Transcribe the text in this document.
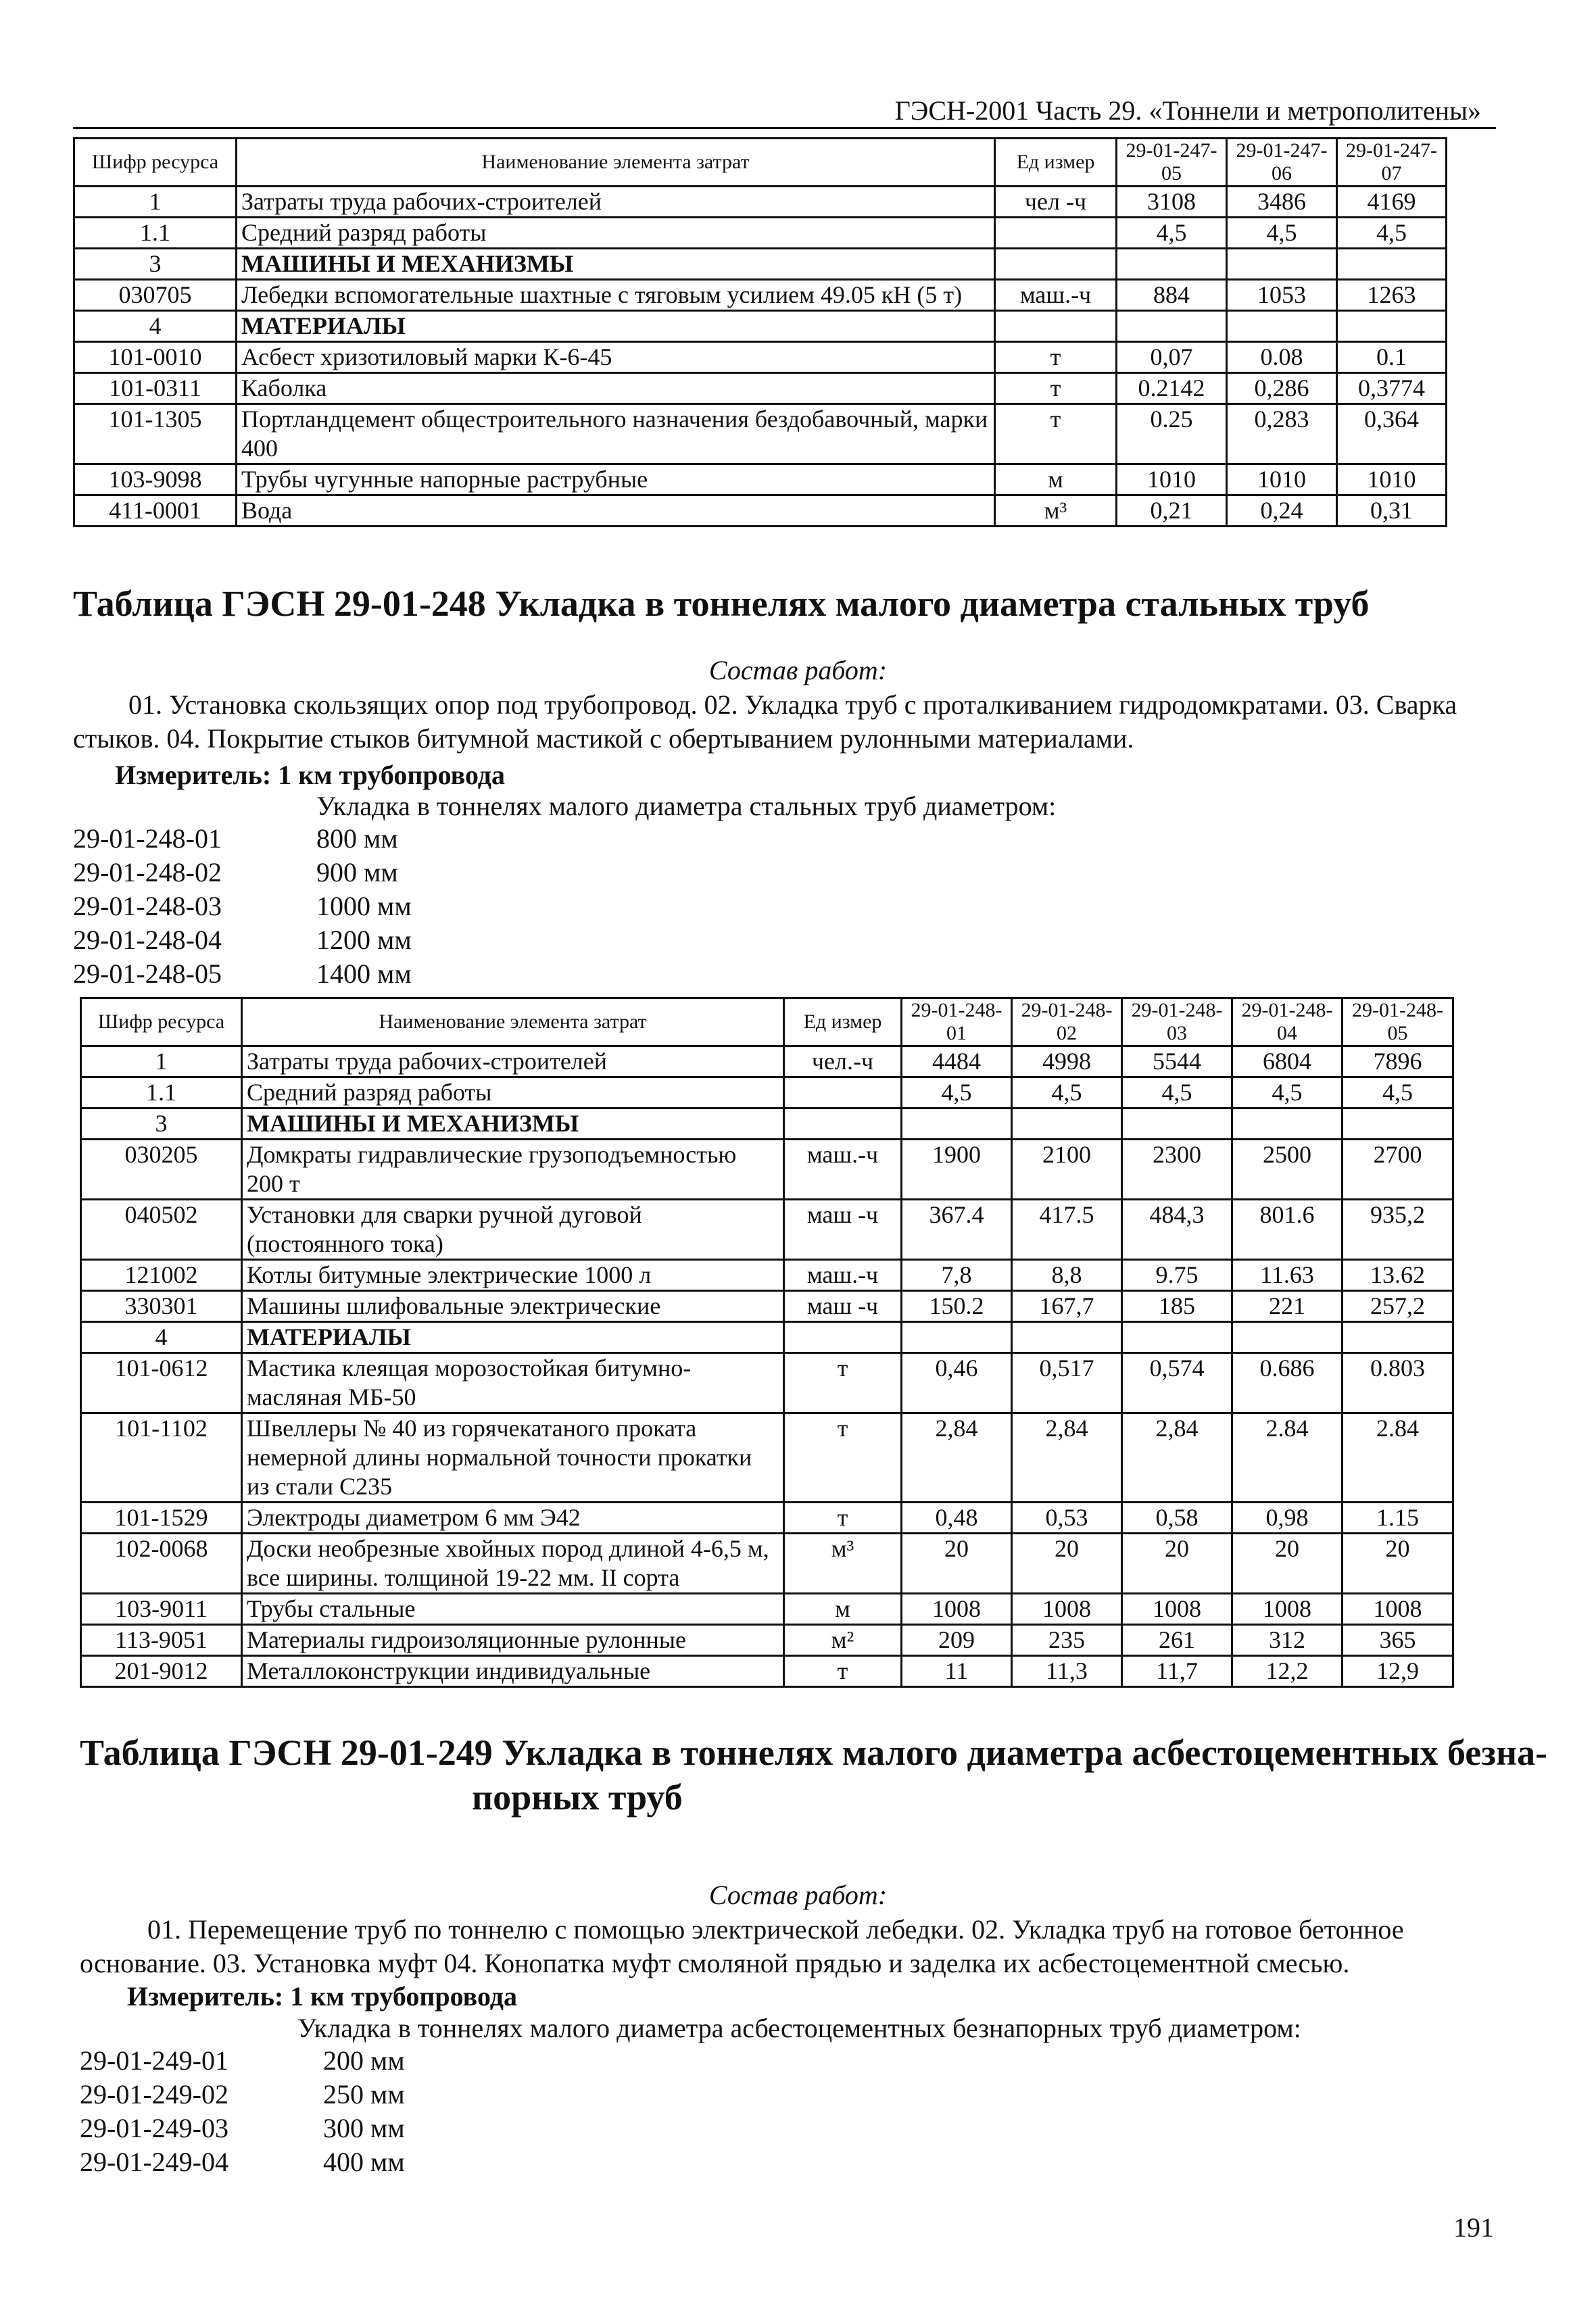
ГЭСН-2001 Часть 29. «Тоннели и метрополитены»
Шифр ресурса	Наименование элемента затрат	Ед измер	29-01-247-05	29-01-247-06	29-01-247-07
1	Затраты труда рабочих-строителей	чел -ч	3108	3486	4169
1.1	Средний разряд работы		4,5	4,5	4,5
3	МАШИНЫ И МЕХАНИЗМЫ				
030705	Лебедки вспомогательные шахтные с тяговым усилием 49.05 кН (5 т)	маш.-ч	884	1053	1263
4	МАТЕРИАЛЫ				
101-0010	Асбест хризотиловый марки К-6-45	т	0,07	0.08	0.1
101-0311	Каболка	т	0.2142	0,286	0,3774
101-1305	Портландцемент общестроительного назначения бездобавочный, марки 400	т	0.25	0,283	0,364
103-9098	Трубы чугунные напорные раструбные	м	1010	1010	1010
411-0001	Вода	м³	0,21	0,24	0,31
Таблица ГЭСН 29-01-248 Укладка в тоннелях малого диаметра стальных труб
Состав работ:
01. Установка скользящих опор под трубопровод. 02. Укладка труб с проталкиванием гидродомкратами. 03. Сварка стыков. 04. Покрытие стыков битумной мастикой с обертыванием рулонными материалами.
Измеритель: 1 км трубопровода
Укладка в тоннелях малого диаметра стальных труб диаметром:
29-01-248-01	800 мм
29-01-248-02	900 мм
29-01-248-03	1000 мм
29-01-248-04	1200 мм
29-01-248-05	1400 мм
Шифр ресурса	Наименование элемента затрат	Ед измер	29-01-248-01	29-01-248-02	29-01-248-03	29-01-248-04	29-01-248-05
1	Затраты труда рабочих-строителей	чел.-ч	4484	4998	5544	6804	7896
1.1	Средний разряд работы		4,5	4,5	4,5	4,5	4,5
3	МАШИНЫ И МЕХАНИЗМЫ						
030205	Домкраты гидравлические грузоподъемностью 200 т	маш.-ч	1900	2100	2300	2500	2700
040502	Установки для сварки ручной дуговой (постоянного тока)	маш -ч	367.4	417.5	484,3	801.6	935,2
121002	Котлы битумные электрические 1000 л	маш.-ч	7,8	8,8	9.75	11.63	13.62
330301	Машины шлифовальные электрические	маш -ч	150.2	167,7	185	221	257,2
4	МАТЕРИАЛЫ						
101-0612	Мастика клеящая морозостойкая битумно-масляная МБ-50	т	0,46	0,517	0,574	0.686	0.803
101-1102	Швеллеры № 40 из горячекатаного проката немерной длины нормальной точности прокатки из стали С235	т	2,84	2,84	2,84	2.84	2.84
101-1529	Электроды диаметром 6 мм Э42	т	0,48	0,53	0,58	0,98	1.15
102-0068	Доски необрезные хвойных пород длиной 4-6,5 м, все ширины. толщиной 19-22 мм. II сорта	м³	20	20	20	20	20
103-9011	Трубы стальные	м	1008	1008	1008	1008	1008
113-9051	Материалы гидроизоляционные рулонные	м²	209	235	261	312	365
201-9012	Металлоконструкции индивидуальные	т	11	11,3	11,7	12,2	12,9
Таблица ГЭСН 29-01-249 Укладка в тоннелях малого диаметра асбестоцементных безна-
порных труб
Состав работ:
01. Перемещение труб по тоннелю с помощью электрической лебедки. 02. Укладка труб на готовое бетонное основание. 03. Установка муфт 04. Конопатка муфт смоляной прядью и заделка их асбестоцементной смесью.
Измеритель: 1 км трубопровода
Укладка в тоннелях малого диаметра асбестоцементных безнапорных труб диаметром:
29-01-249-01	200 мм
29-01-249-02	250 мм
29-01-249-03	300 мм
29-01-249-04	400 мм
191
